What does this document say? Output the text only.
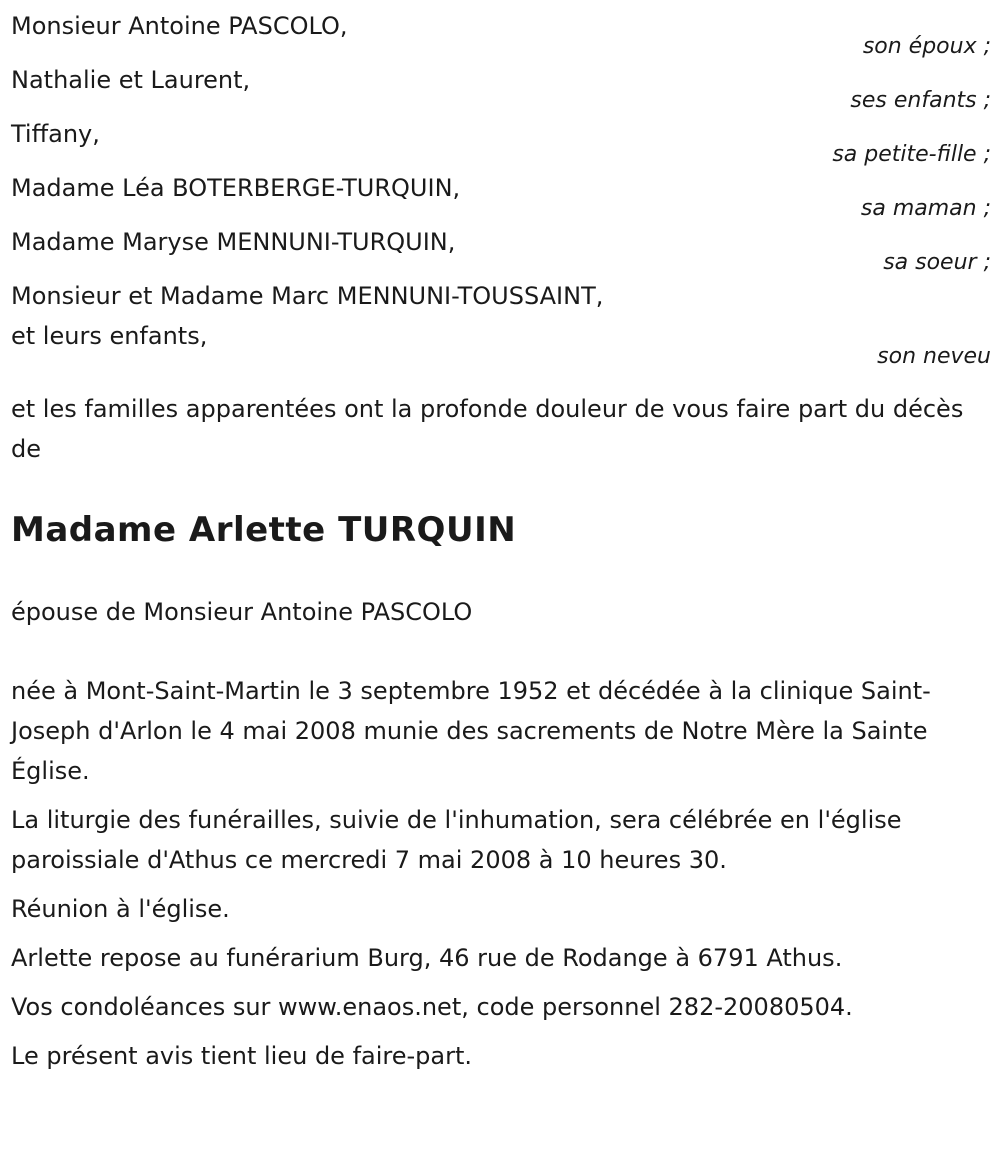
Monsieur Antoine PASCOLO,
son époux ;
Nathalie et Laurent,
ses enfants ;
Tiffany,
sa petite-fille ;
Madame Léa BOTERBERGE-TURQUIN,
sa maman ;
Madame Maryse MENNUNI-TURQUIN,
sa soeur ;
Monsieur et Madame Marc MENNUNI-TOUSSAINT,
et leurs enfants,
son neveu
et les familles apparentées ont la profonde douleur de vous faire part du décès de
Madame Arlette TURQUIN
épouse de Monsieur Antoine PASCOLO

née à Mont-Saint-Martin le 3 septembre 1952 et décédée à la clinique Saint-Joseph d'Arlon le 4 mai 2008 munie des sacrements de Notre Mère la Sainte Église.

La liturgie des funérailles, suivie de l'inhumation, sera célébrée en l'église paroissiale d'Athus ce mercredi 7 mai 2008 à 10 heures 30.

Réunion à l'église.

Arlette repose au funérarium Burg, 46 rue de Rodange à 6791 Athus.

Vos condoléances sur www.enaos.net, code personnel 282-20080504.

Le présent avis tient lieu de faire-part.
